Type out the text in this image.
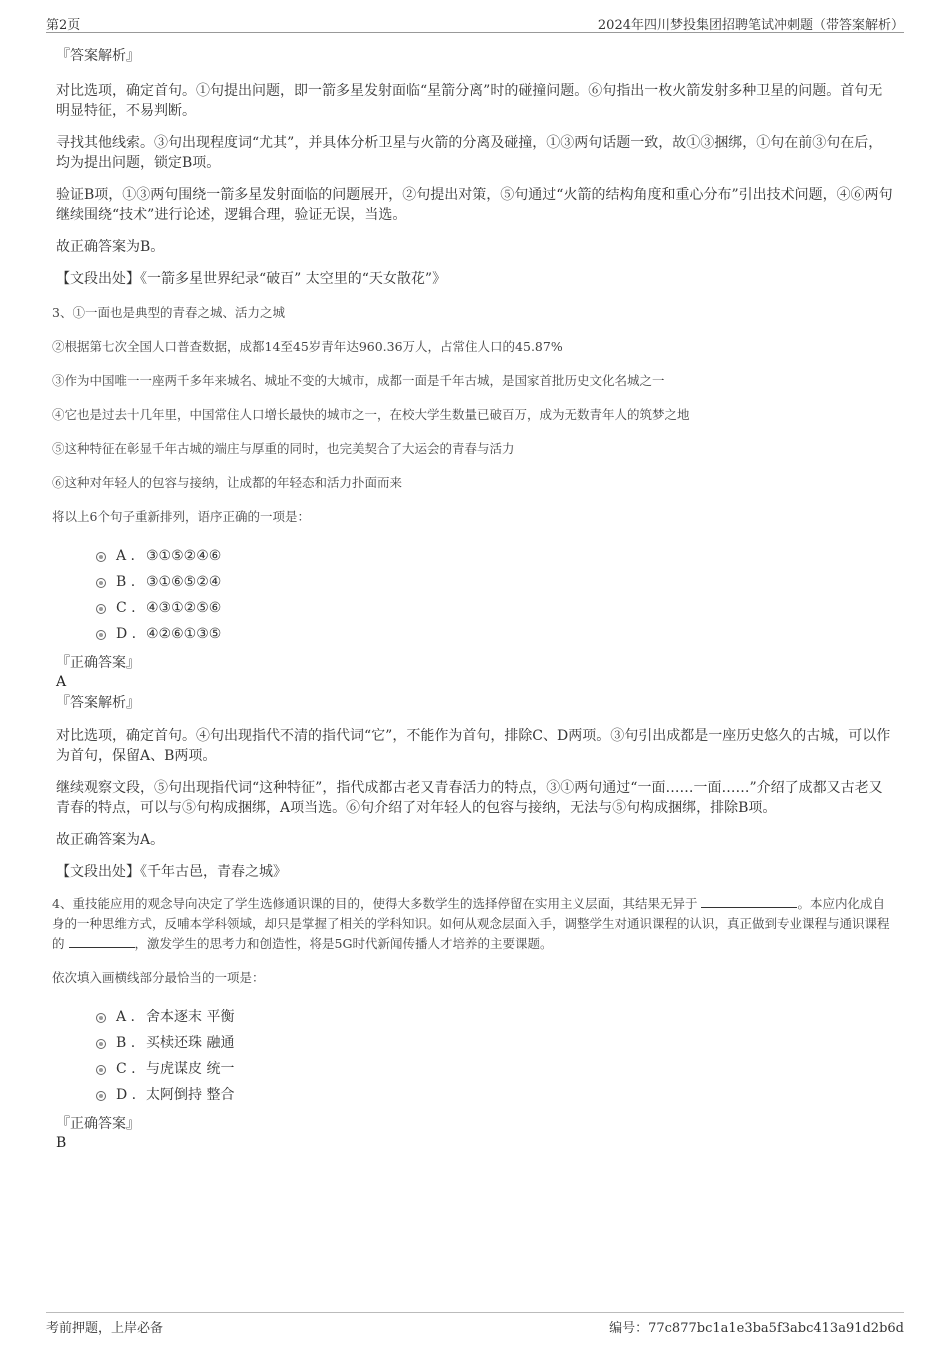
第2页	2024年四川梦投集团招聘笔试冲刺题（带答案解析）

『答案解析』

对比选项，确定首句。①句提出问题，即一箭多星发射面临“星箭分离”时的碰撞问题。⑥句指出一枚火箭发射多种卫星的问题。首句无明显特征，不易判断。

寻找其他线索。③句出现程度词“尤其”，并具体分析卫星与火箭的分离及碰撞，①③两句话题一致，故①③捆绑，①句在前③句在后，均为提出问题，锁定B项。

验证B项，①③两句围绕一箭多星发射面临的问题展开，②句提出对策，⑤句通过“火箭的结构角度和重心分布”引出技术问题，④⑥两句继续围绕“技术”进行论述，逻辑合理，验证无误，当选。

故正确答案为B。

【文段出处】《一箭多星世界纪录“破百” 太空里的“天女散花”》

3、①一面也是典型的青春之城、活力之城

②根据第七次全国人口普查数据，成都14至45岁青年达960.36万人，占常住人口的45.87%

③作为中国唯一一座两千多年来城名、城址不变的大城市，成都一面是千年古城，是国家首批历史文化名城之一

④它也是过去十几年里，中国常住人口增长最快的城市之一，在校大学生数量已破百万，成为无数青年人的筑梦之地

⑤这种特征在彰显千年古城的端庄与厚重的同时，也完美契合了大运会的青春与活力

⑥这种对年轻人的包容与接纳，让成都的年轻态和活力扑面而来

将以上6个句子重新排列，语序正确的一项是：

A . ③①⑤②④⑥
B . ③①⑥⑤②④
C . ④③①②⑤⑥
D . ④②⑥①③⑤

『正确答案』

A

『答案解析』

对比选项，确定首句。④句出现指代不清的指代词“它”，不能作为首句，排除C、D两项。③句引出成都是一座历史悠久的古城，可以作为首句，保留A、B两项。

继续观察文段，⑤句出现指代词“这种特征”，指代成都古老又青春活力的特点，③①两句通过“一面……一面……”介绍了成都又古老又青春的特点，可以与⑤句构成捆绑，A项当选。⑥句介绍了对年轻人的包容与接纳，无法与⑤句构成捆绑，排除B项。

故正确答案为A。

【文段出处】《千年古邑，青春之城》

4、重技能应用的观念导向决定了学生选修通识课的目的，使得大多数学生的选择停留在实用主义层面，其结果无异于	。本应内化成自身的一种思维方式，反哺本学科领域，却只是掌握了相关的学科知识。如何从观念层面入手，调整学生对通识课程的认识，真正做到专业课程与通识课程的	，激发学生的思考力和创造性，将是5G时代新闻传播人才培养的主要课题。

依次填入画横线部分最恰当的一项是：

A . 舍本逐末 平衡
B . 买椟还珠 融通
C . 与虎谋皮 统一
D . 太阿倒持 整合

『正确答案』

B

考前押题，上岸必备	编号：77c877bc1a1e3ba5f3abc413a91d2b6d
